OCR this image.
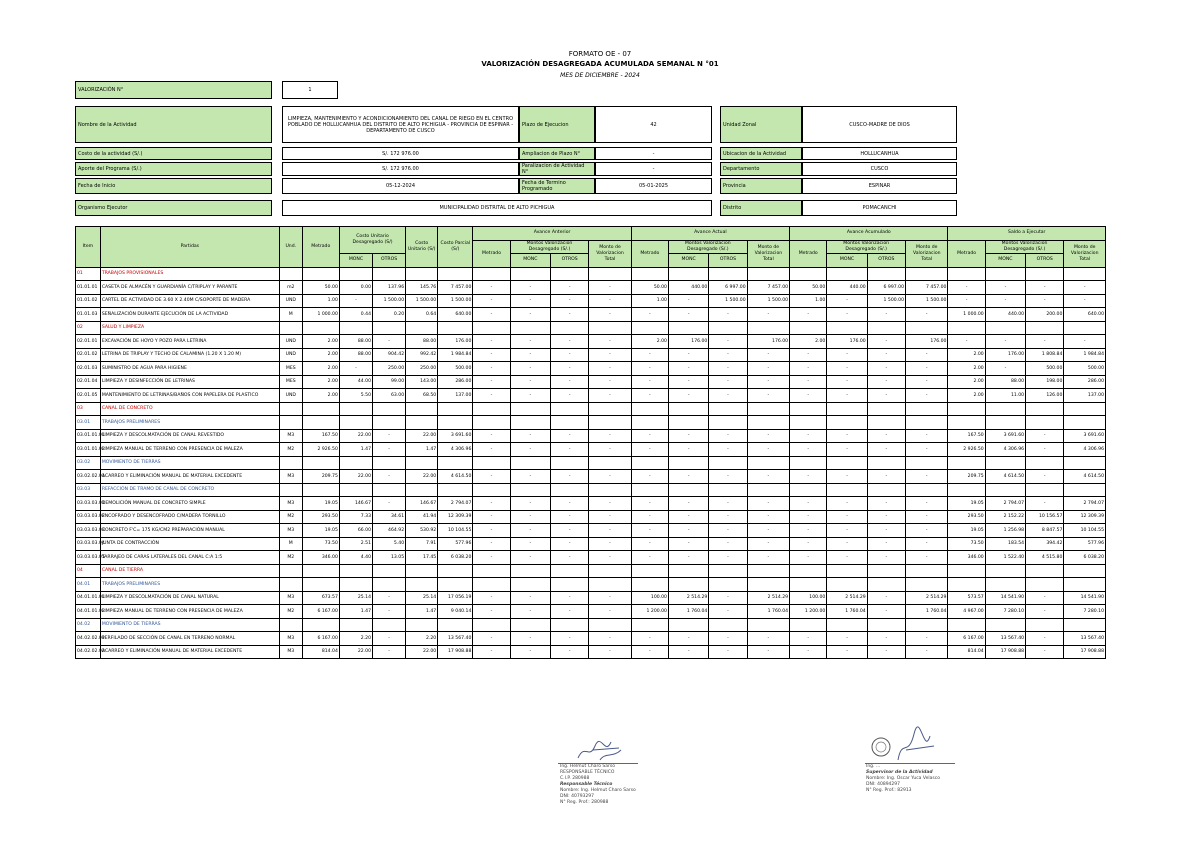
FORMATO OE - 07
VALORIZACIÓN DESAGREGADA ACUMULADA SEMANAL N °01
MES DE DICIEMBRE - 2024
VALORIZACIÓN N°	1
Nombre de la Actividad
LIMPIEZA, MANTENIMIENTO Y ACONDICIONAMIENTO DEL CANAL DE RIEGO EN EL CENTRO POBLADO DE HOLLUCANHUA DEL DISTRITO DE ALTO PICHIGUA - PROVINCIA DE ESPINAR - DEPARTAMENTO DE CUSCO
Plazo de Ejecucion	42	Unidad Zonal	CUSCO-MADRE DE DIOS
Costo de la actividad (S/.)	S/. 172 976.00	Ampliacion de Plazo N°	-	Ubicacion de la Actividad	HOLLUCANHUA
Aporte del Programa (S/.)	S/. 172 976.00	Paralizacion de Actividad N°	-	Departamento	CUSCO
Fecha de Inicio	05-12-2024	Fecha de Termino Programado	05-01-2025	Provincia	ESPINAR
Organismo Ejecutor	MUNICIPALIDAD DISTRITAL DE ALTO PICHIGUA	Distrito	POMACANCHI
Item	Partidas	Und.	Metrado	Costo Unitario Desagregado (S/)		Costo Unitario (S/)	Costo Parcial (S/)	Avance Anterior				Avance Actual				Avance Acumulado				Saldo a Ejecutar			
								Metrado	Montos Valorizacion Desagregado (S/.)		Monto de Valorizacion Total	Metrado	Montos Valorizacion Desagregado (S/.)		Monto de Valorizacion Total	Metrado	Montos Valorizacion Desagregado (S/.)		Monto de Valorizacion Total	Metrado	Montos Valorizacion Desagregado (S/.)		Monto de Valorizacion Total
				MONC	OTROS				MONC	OTROS			MONC	OTROS			MONC	OTROS			MONC	OTROS	
01	TRABAJOS PROVISIONALES																						
01.01.01	CASETA DE ALMACÉN Y GUARDIANÍA C/TRIPLAY Y PARANTE	m2	50.00	0.00	137.96	145.76	7 457.00	-	-	-	-	50.00	440.00	6 997.00	7 457.00	50.00	440.00	6 997.00	7 457.00	-	-	-	-
01.01.02	CARTEL DE ACTIVIDAD DE 3.60 X 2.40M C/SOPORTE DE MADERA	UND	1.00	-	1 500.00	1 500.00	1 500.00	-	-	-	-	1.00	-	1 500.00	1 500.00	1.00	-	1 500.00	1 500.00	-	-	-	-
01.01.03	SEÑALIZACIÓN DURANTE EJECUCIÓN DE LA ACTIVIDAD	M	1 000.00	0.44	0.20	0.64	640.00	-	-	-	-	-	-	-	-	-	-	-	-	1 000.00	440.00	200.00	640.00
02	SALUD Y LIMPIEZA																						
02.01.01	EXCAVACIÓN DE HOYO Y POZO PARA LETRINA	UND	2.00	88.00	-	88.00	176.00	-	-	-	-	2.00	176.00	-	176.00	2.00	176.00	-	176.00	-	-	-	-
02.01.02	LETRINA DE TRIPLAY Y TECHO DE CALAMINA (1.20 X 1.20 M)	UND	2.00	88.00	904.42	992.42	1 984.84	-	-	-	-	-	-	-	-	-	-	-	-	2.00	176.00	1 808.84	1 984.84
02.01.03	SUMINISTRO DE AGUA PARA HIGIENE	MES	2.00	-	250.00	250.00	500.00	-	-	-	-	-	-	-	-	-	-	-	-	2.00	-	500.00	500.00
02.01.04	LIMPIEZA Y DESINFECCIÓN DE LETRINAS	MES	2.00	44.00	99.00	143.00	286.00	-	-	-	-	-	-	-	-	-	-	-	-	2.00	88.00	198.00	286.00
02.01.05	MANTENIMIENTO DE LETRINAS/BAÑOS CON PAPELERA DE PLASTICO	UND	2.00	5.50	63.00	68.50	137.00	-	-	-	-	-	-	-	-	-	-	-	-	2.00	11.00	126.00	137.00
03	CANAL DE CONCRETO																						
03.01	TRABAJOS PRELIMINARES																						
03.01.01.01	LIMPIEZA Y DESCOLMATACIÓN DE CANAL REVESTIDO	M3	167.50	22.00	-	22.00	3 691.60	-	-	-	-	-	-	-	-	-	-	-	-	167.50	3 691.60	-	3 691.60
03.01.01.02	LIMPIEZA MANUAL DE TERRENO CON PRESENCIA DE MALEZA	M2	2 926.50	1.47	-	1.47	4 306.96	-	-	-	-	-	-	-	-	-	-	-	-	2 926.50	4 306.96	-	4 306.96
03.02	MOVIMIENTO DE TIERRAS																						
03.02.02.01	ACARREO Y ELIMINACIÓN MANUAL DE MATERIAL EXCEDENTE	M3	209.75	22.00	-	22.00	4 614.50	-	-	-	-	-	-	-	-	-	-	-	-	209.75	4 614.50	-	4 614.50
03.03	REFACCIÓN DE TRAMO DE CANAL DE CONCRETO																						
03.03.03.01	DEMOLICIÓN MANUAL DE CONCRETO SIMPLE	M3	19.05	146.67	-	146.67	2 794.07	-	-	-	-	-	-	-	-	-	-	-	-	19.05	2 794.07	-	2 794.07
03.03.03.02	ENCOFRADO Y DESENCOFRADO C/MADERA TORNILLO	M2	293.50	7.33	34.61	41.94	12 309.39	-	-	-	-	-	-	-	-	-	-	-	-	293.50	2 152.22	10 156.57	12 309.39
03.03.03.03	CONCRETO F'C= 175 KG/CM2 PREPARACIÓN MANUAL	M3	19.05	66.00	464.92	530.92	10 104.55	-	-	-	-	-	-	-	-	-	-	-	-	19.05	1 256.98	8 847.57	10 104.55
03.03.03.04	JUNTA DE CONTRACCIÓN	M	73.50	2.51	5.40	7.91	577.96	-	-	-	-	-	-	-	-	-	-	-	-	73.50	183.54	394.42	577.96
03.03.03.05	TARRAJEO DE CARAS LATERALES DEL CANAL C:A 1:5	M2	346.00	4.40	13.05	17.45	6 038.20	-	-	-	-	-	-	-	-	-	-	-	-	346.00	1 522.40	4 515.80	6 038.20
04	CANAL DE TIERRA																						
04.01	TRABAJOS PRELIMINARES																						
04.01.01.01	LIMPIEZA Y DESCOLMATACIÓN DE CANAL NATURAL	M3	673.57	25.14	-	25.14	17 056.19	-	-	-	-	100.00	2 514.29	-	2 514.29	100.00	2 514.29	-	2 514.29	573.57	14 541.90	-	14 541.90
04.01.01.02	LIMPIEZA MANUAL DE TERRENO CON PRESENCIA DE MALEZA	M2	6 167.00	1.47	-	1.47	9 040.14	-	-	-	-	1 200.00	1 760.04	-	1 760.04	1 200.00	1 760.04	-	1 760.04	4 967.00	7 280.10	-	7 280.10
04.02	MOVIMIENTO DE TIERRAS																						
04.02.02.01	PERFILADO DE SECCIÓN DE CANAL EN TERRENO NORMAL	M3	6 167.00	2.20	-	2.20	13 567.40	-	-	-	-	-	-	-	-	-	-	-	-	6 167.00	13 567.40	-	13 567.40
04.02.02.02	ACARREO Y ELIMINACIÓN MANUAL DE MATERIAL EXCEDENTE	M3	814.04	22.00	-	22.00	17 908.88	-	-	-	-	-	-	-	-	-	-	-	-	814.04	17 908.88	-	17 908.88
Ing. Helmut Charo Sarso
RESPONSABLE TÉCNICO
C.I.P. 280988
Responsable Técnico
Nombre: Ing. Helmut Charo Sarso
DNI: 40793297
N° Reg. Prof.: 280988
Ing. ...
Supervisor de la Actividad
Nombre: Ing. Oscar Yuca Velasco
DNI: 40894297
N° Reg. Prof.: 82913
